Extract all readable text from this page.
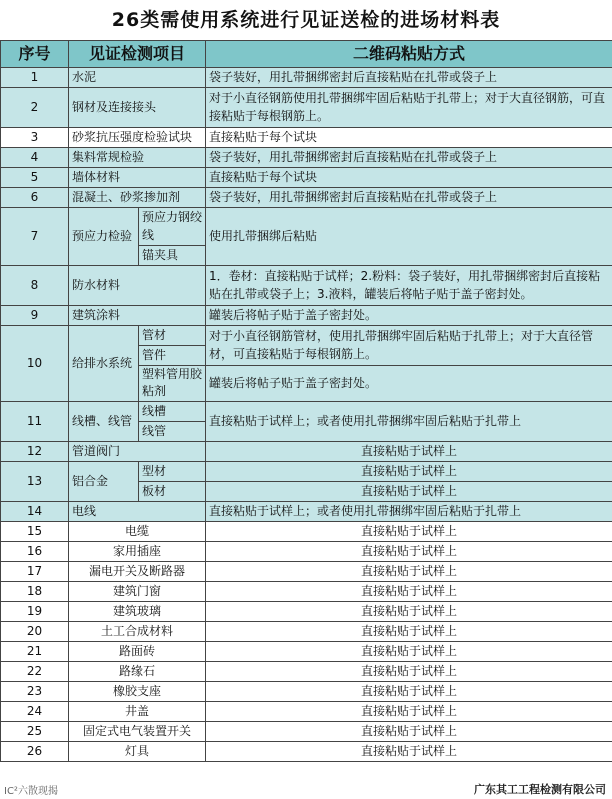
26类需使用系统进行见证送检的进场材料表
序号	见证检测项目		二维码粘贴方式
1	水泥		袋子装好，用扎带捆绑密封后直接粘贴在扎带或袋子上
2	钢材及连接接头		对于小直径钢筋使用扎带捆绑牢固后粘贴于扎带上；对于大直径钢筋，可直接粘贴于每根钢筋上。
3	砂浆抗压强度检验试块		直接粘贴于每个试块
4	集料常规检验		袋子装好，用扎带捆绑密封后直接粘贴在扎带或袋子上
5	墙体材料		直接粘贴于每个试块
6	混凝土、砂浆掺加剂		袋子装好，用扎带捆绑密封后直接粘贴在扎带或袋子上
7	预应力检验	预应力钢绞线	使用扎带捆绑后粘贴
		锚夹具	
8	防水材料		1．卷材：直接粘贴于试样；2.粉料：袋子装好，用扎带捆绑密封后直接粘贴在扎带或袋子上；3.液料，罐装后将帖子贴于盖子密封处。
9	建筑涂料		罐装后将帖子贴于盖子密封处。
10	给排水系统	管材	对于小直径钢筋管材，使用扎带捆绑牢固后粘贴于扎带上；对于大直径管材，可直接粘贴于每根钢筋上。
		管件	
		塑料管用胶粘剂	罐装后将帖子贴于盖子密封处。
11	线槽、线管	线槽	直接粘贴于试样上；或者使用扎带捆绑牢固后粘贴于扎带上
		线管	
12	管道阀门		直接粘贴于试样上
13	铝合金	型材	直接粘贴于试样上
		板材	直接粘贴于试样上
14	电线		直接粘贴于试样上；或者使用扎带捆绑牢固后粘贴于扎带上
15	电缆		直接粘贴于试样上
16	家用插座		直接粘贴于试样上
17	漏电开关及断路器		直接粘贴于试样上
18	建筑门窗		直接粘贴于试样上
19	建筑玻璃		直接粘贴于试样上
20	土工合成材料		直接粘贴于试样上
21	路面砖		直接粘贴于试样上
22	路缘石		直接粘贴于试样上
23	橡胶支座		直接粘贴于试样上
24	井盖		直接粘贴于试样上
25	固定式电气装置开关		直接粘贴于试样上
26	灯具		直接粘贴于试样上
IC²六散现揭	广东其工工程检测有限公司
